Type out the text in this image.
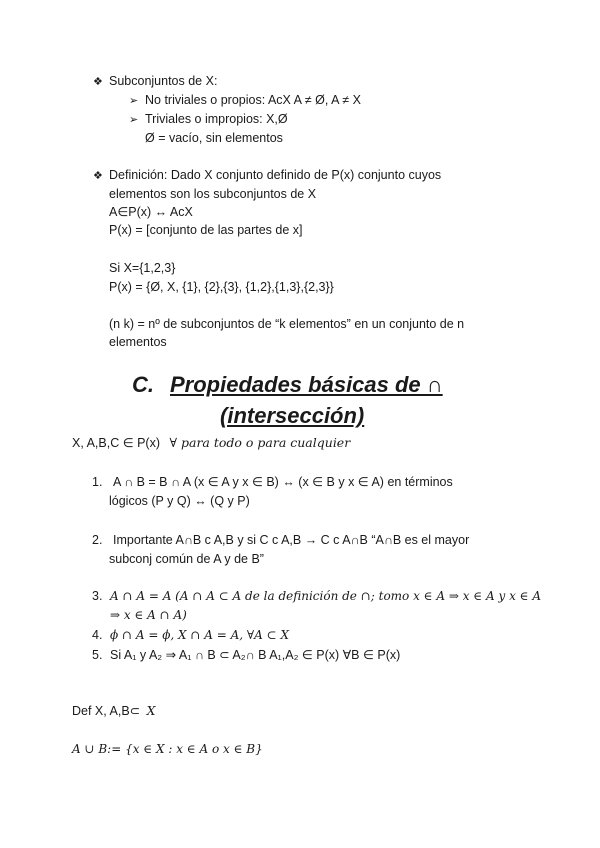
❖ Subconjuntos de X:
➢ No triviales o propios: AcX A ≠ Ø, A ≠ X
➢ Triviales o impropios: X,Ø
Ø = vacío, sin elementos
❖ Definición: Dado X conjunto definido de P(x) conjunto cuyos
elementos son los subconjuntos de X
A∈P(x) ↔ AcX
P(x) = [conjunto de las partes de x]
Si X={1,2,3}
P(x) = {Ø, X, {1}, {2},{3}, {1,2},{1,3},{2,3}}
(n k) = nº de subconjuntos de “k elementos” en un conjunto de n
elementos
C. Propiedades básicas de ∩
(intersección)
X, A,B,C ∈ P(x) ∀ para todo o para cualquier
1. A ∩ B = B ∩ A (x ∈ A y x ∈ B) ↔ (x ∈ B y x ∈ A) en términos
lógicos (P y Q) ↔ (Q y P)
2. Importante A∩B c A,B y si C c A,B → C c A∩B “A∩B es el mayor
subconj común de A y de B”
3. A ∩ A = A (A ∩ A ⊂ A de la definición de ∩; tomo x ∈ A ⇒ x ∈ A y x ∈ A
⇒ x ∈ A ∩ A)
4. ϕ ∩ A = ϕ, X ∩ A = A, ∀A ⊂ X
5. Si A₁ y A₂ ⇒ A₁ ∩ B ⊂ A₂∩ B A₁,A₂ ∈ P(x) ∀B ∈ P(x)
Def X, A,B⊂ X
A ∪ B:= {x ∈ X : x ∈ A o x ∈ B}
